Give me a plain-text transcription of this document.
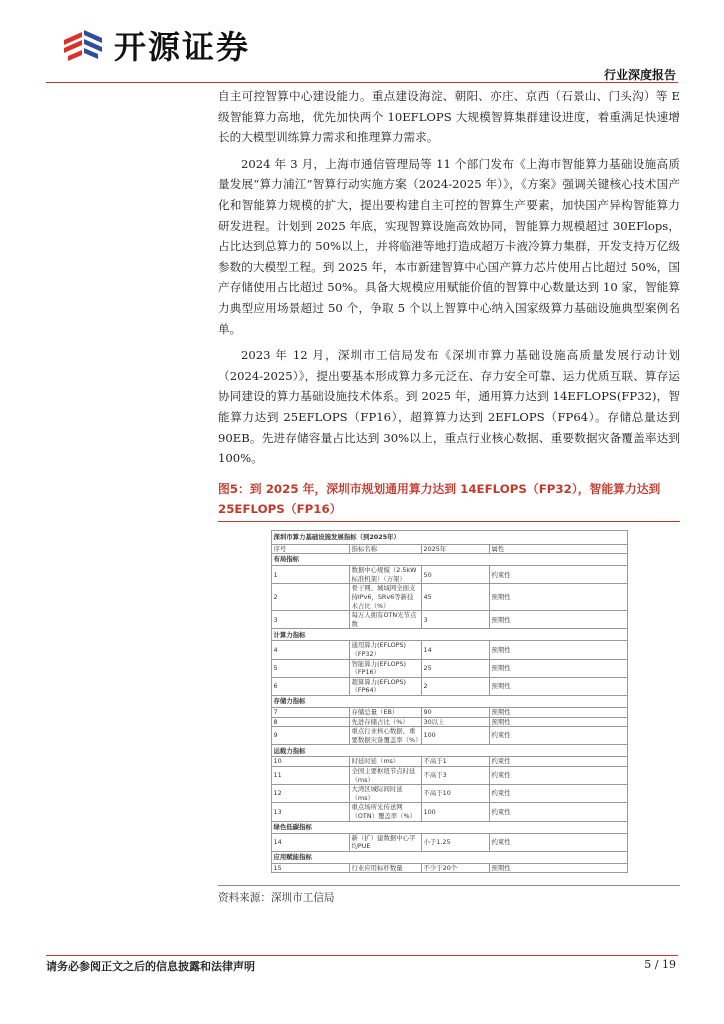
开源证券
行业深度报告

自主可控智算中心建设能力。重点建设海淀、朝阳、亦庄、京西（石景山、门头沟）等 E 级智能算力高地，优先加快两个 10EFLOPS 大规模智算集群建设进度，着重满足快速增长的大模型训练算力需求和推理算力需求。

2024 年 3 月，上海市通信管理局等 11 个部门发布《上海市智能算力基础设施高质量发展“算力浦江”智算行动实施方案（2024-2025 年）》，《方案》强调关键核心技术国产化和智能算力规模的扩大，提出要构建自主可控的智算生产要素，加快国产异构智能算力研发进程。计划到 2025 年底，实现智算设施高效协同，智能算力规模超过 30EFlops，占比达到总算力的 50%以上，并将临港等地打造成超万卡液冷算力集群，开发支持万亿级参数的大模型工程。到 2025 年，本市新建智算中心国产算力芯片使用占比超过 50%，国产存储使用占比超过 50%。具备大规模应用赋能价值的智算中心数量达到 10 家，智能算力典型应用场景超过 50 个，争取 5 个以上智算中心纳入国家级算力基础设施典型案例名单。

2023 年 12 月，深圳市工信局发布《深圳市算力基础设施高质量发展行动计划（2024-2025）》，提出要基本形成算力多元泛在、存力安全可靠、运力优质互联、算存运协同建设的算力基础设施技术体系。到 2025 年，通用算力达到 14EFLOPS(FP32)，智能算力达到 25EFLOPS（FP16），超算算力达到 2EFLOPS（FP64）。存储总量达到 90EB。先进存储容量占比达到 30%以上，重点行业核心数据、重要数据灾备覆盖率达到 100%。

图5：到 2025 年，深圳市规划通用算力达到 14EFLOPS（FP32），智能算力达到 25EFLOPS（FP16）
深圳市算力基础设施发展指标（到2025年）			
序号	指标名称	2025年	属性
布局指标			
1	数据中心规模（2.5kW标准机架）（万架）	50	约束性
2	骨干网、城域网全面支持IPv6，SRv6等新技术占比（%）	45	预期性
3	每万人拥有OTN光节点数	3	预期性
计算力指标			
4	通用算力(EFLOPS)（FP32）	14	预期性
5	智能算力(EFLOPS)（FP16）	25	预期性
6	超算算力(EFLOPS)（FP64）	2	预期性
存储力指标			
7	存储总量（EB）	90	预期性
8	先进存储占比（%）	30以上	预期性
9	重点行业核心数据、重要数据灾备覆盖率（%）	100	约束性
运载力指标			
10	时延时延（ms）	不高于1	约束性
11	全国主要枢纽节点时延（ms）	不高于3	约束性
12	大湾区城际间时延（ms）	不高于10	约束性
13	重点场所光传送网（OTN）覆盖率（%）	100	约束性
绿色低碳指标			
14	新（扩）建数据中心平均PUE	小于1.25	约束性
应用赋能指标			
15	行业应用标杆数量	不少于20个	预期性
资料来源：深圳市工信局
请务必参阅正文之后的信息披露和法律声明	5 / 19
